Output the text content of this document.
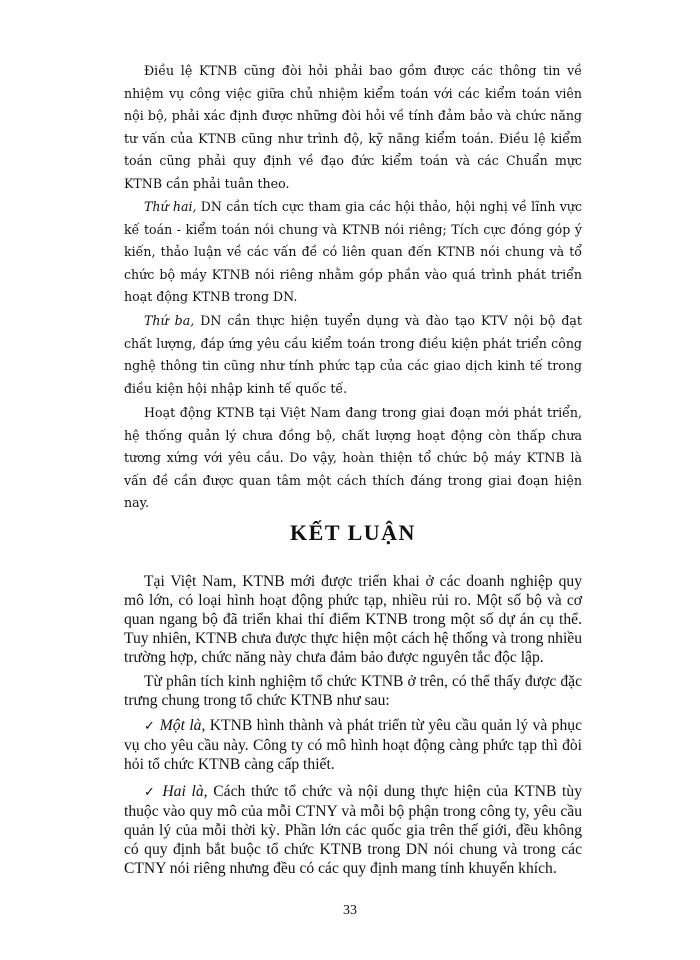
Điều lệ KTNB cũng đòi hỏi phải bao gồm được các thông tin về nhiệm vụ công việc giữa chủ nhiệm kiểm toán với các kiểm toán viên nội bộ, phải xác định được những đòi hỏi về tính đảm bảo và chức năng tư vấn của KTNB cũng như trình độ, kỹ năng kiểm toán. Điều lệ kiểm toán cũng phải quy định về đạo đức kiểm toán và các Chuẩn mực KTNB cần phải tuân theo.

Thứ hai, DN cần tích cực tham gia các hội thảo, hội nghị về lĩnh vực kế toán - kiểm toán nói chung và KTNB nói riêng; Tích cực đóng góp ý kiến, thảo luận về các vấn đề có liên quan đến KTNB nói chung và tổ chức bộ máy KTNB nói riêng nhằm góp phần vào quá trình phát triển hoạt động KTNB trong DN.

Thứ ba, DN cần thực hiện tuyển dụng và đào tạo KTV nội bộ đạt chất lượng, đáp ứng yêu cầu kiểm toán trong điều kiện phát triển công nghệ thông tin cũng như tính phức tạp của các giao dịch kinh tế trong điều kiện hội nhập kinh tế quốc tế.

Hoạt động KTNB tại Việt Nam đang trong giai đoạn mới phát triển, hệ thống quản lý chưa đồng bộ, chất lượng hoạt động còn thấp chưa tương xứng với yêu cầu. Do vậy, hoàn thiện tổ chức bộ máy KTNB là vấn đề cần được quan tâm một cách thích đáng trong giai đoạn hiện nay.

KẾT LUẬN

Tại Việt Nam, KTNB mới được triển khai ở các doanh nghiệp quy mô lớn, có loại hình hoạt động phức tạp, nhiều rủi ro. Một số bộ và cơ quan ngang bộ đã triển khai thí điểm KTNB trong một số dự án cụ thể. Tuy nhiên, KTNB chưa được thực hiện một cách hệ thống và trong nhiều trường hợp, chức năng này chưa đảm bảo được nguyên tắc độc lập.

Từ phân tích kinh nghiệm tổ chức KTNB ở trên, có thể thấy được đặc trưng chung trong tổ chức KTNB như sau:

✓ Một là, KTNB hình thành và phát triển từ yêu cầu quản lý và phục vụ cho yêu cầu này. Công ty có mô hình hoạt động càng phức tạp thì đòi hỏi tổ chức KTNB càng cấp thiết.

✓ Hai là, Cách thức tổ chức và nội dung thực hiện của KTNB tùy thuộc vào quy mô của mỗi CTNY và mỗi bộ phận trong công ty, yêu cầu quản lý của mỗi thời kỳ. Phần lớn các quốc gia trên thế giới, đều không có quy định bắt buộc tổ chức KTNB trong DN nói chung và trong các CTNY nói riêng nhưng đều có các quy định mang tính khuyến khích.

33
